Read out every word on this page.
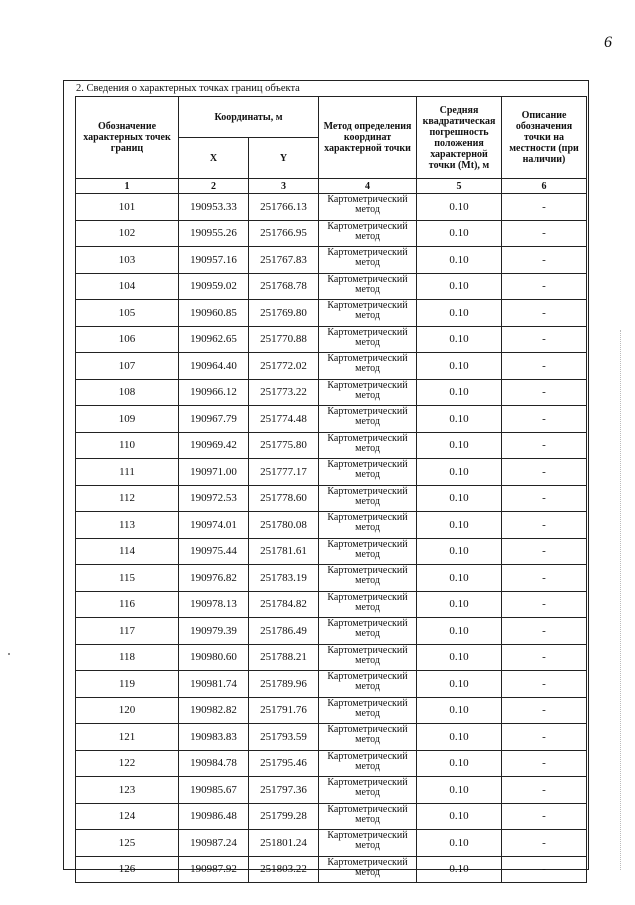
6
2. Сведения о характерных точках границ объекта
Обозначение характерных точек границ	Координаты, м		Метод определения координат характерной точки	Средняя квадратическая погрешность положения характерной точки (Mt), м	Описание обозначения точки на местности (при наличии)
	X	Y			
1	2	3	4	5	6
101	190953.33	251766.13	Картометрический метод	0.10	-
102	190955.26	251766.95	Картометрический метод	0.10	-
103	190957.16	251767.83	Картометрический метод	0.10	-
104	190959.02	251768.78	Картометрический метод	0.10	-
105	190960.85	251769.80	Картометрический метод	0.10	-
106	190962.65	251770.88	Картометрический метод	0.10	-
107	190964.40	251772.02	Картометрический метод	0.10	-
108	190966.12	251773.22	Картометрический метод	0.10	-
109	190967.79	251774.48	Картометрический метод	0.10	-
110	190969.42	251775.80	Картометрический метод	0.10	-
111	190971.00	251777.17	Картометрический метод	0.10	-
112	190972.53	251778.60	Картометрический метод	0.10	-
113	190974.01	251780.08	Картометрический метод	0.10	-
114	190975.44	251781.61	Картометрический метод	0.10	-
115	190976.82	251783.19	Картометрический метод	0.10	-
116	190978.13	251784.82	Картометрический метод	0.10	-
117	190979.39	251786.49	Картометрический метод	0.10	-
118	190980.60	251788.21	Картометрический метод	0.10	-
119	190981.74	251789.96	Картометрический метод	0.10	-
120	190982.82	251791.76	Картометрический метод	0.10	-
121	190983.83	251793.59	Картометрический метод	0.10	-
122	190984.78	251795.46	Картометрический метод	0.10	-
123	190985.67	251797.36	Картометрический метод	0.10	-
124	190986.48	251799.28	Картометрический метод	0.10	-
125	190987.24	251801.24	Картометрический метод	0.10	-
126	190987.92	251803.22	Картометрический метод	0.10	-
